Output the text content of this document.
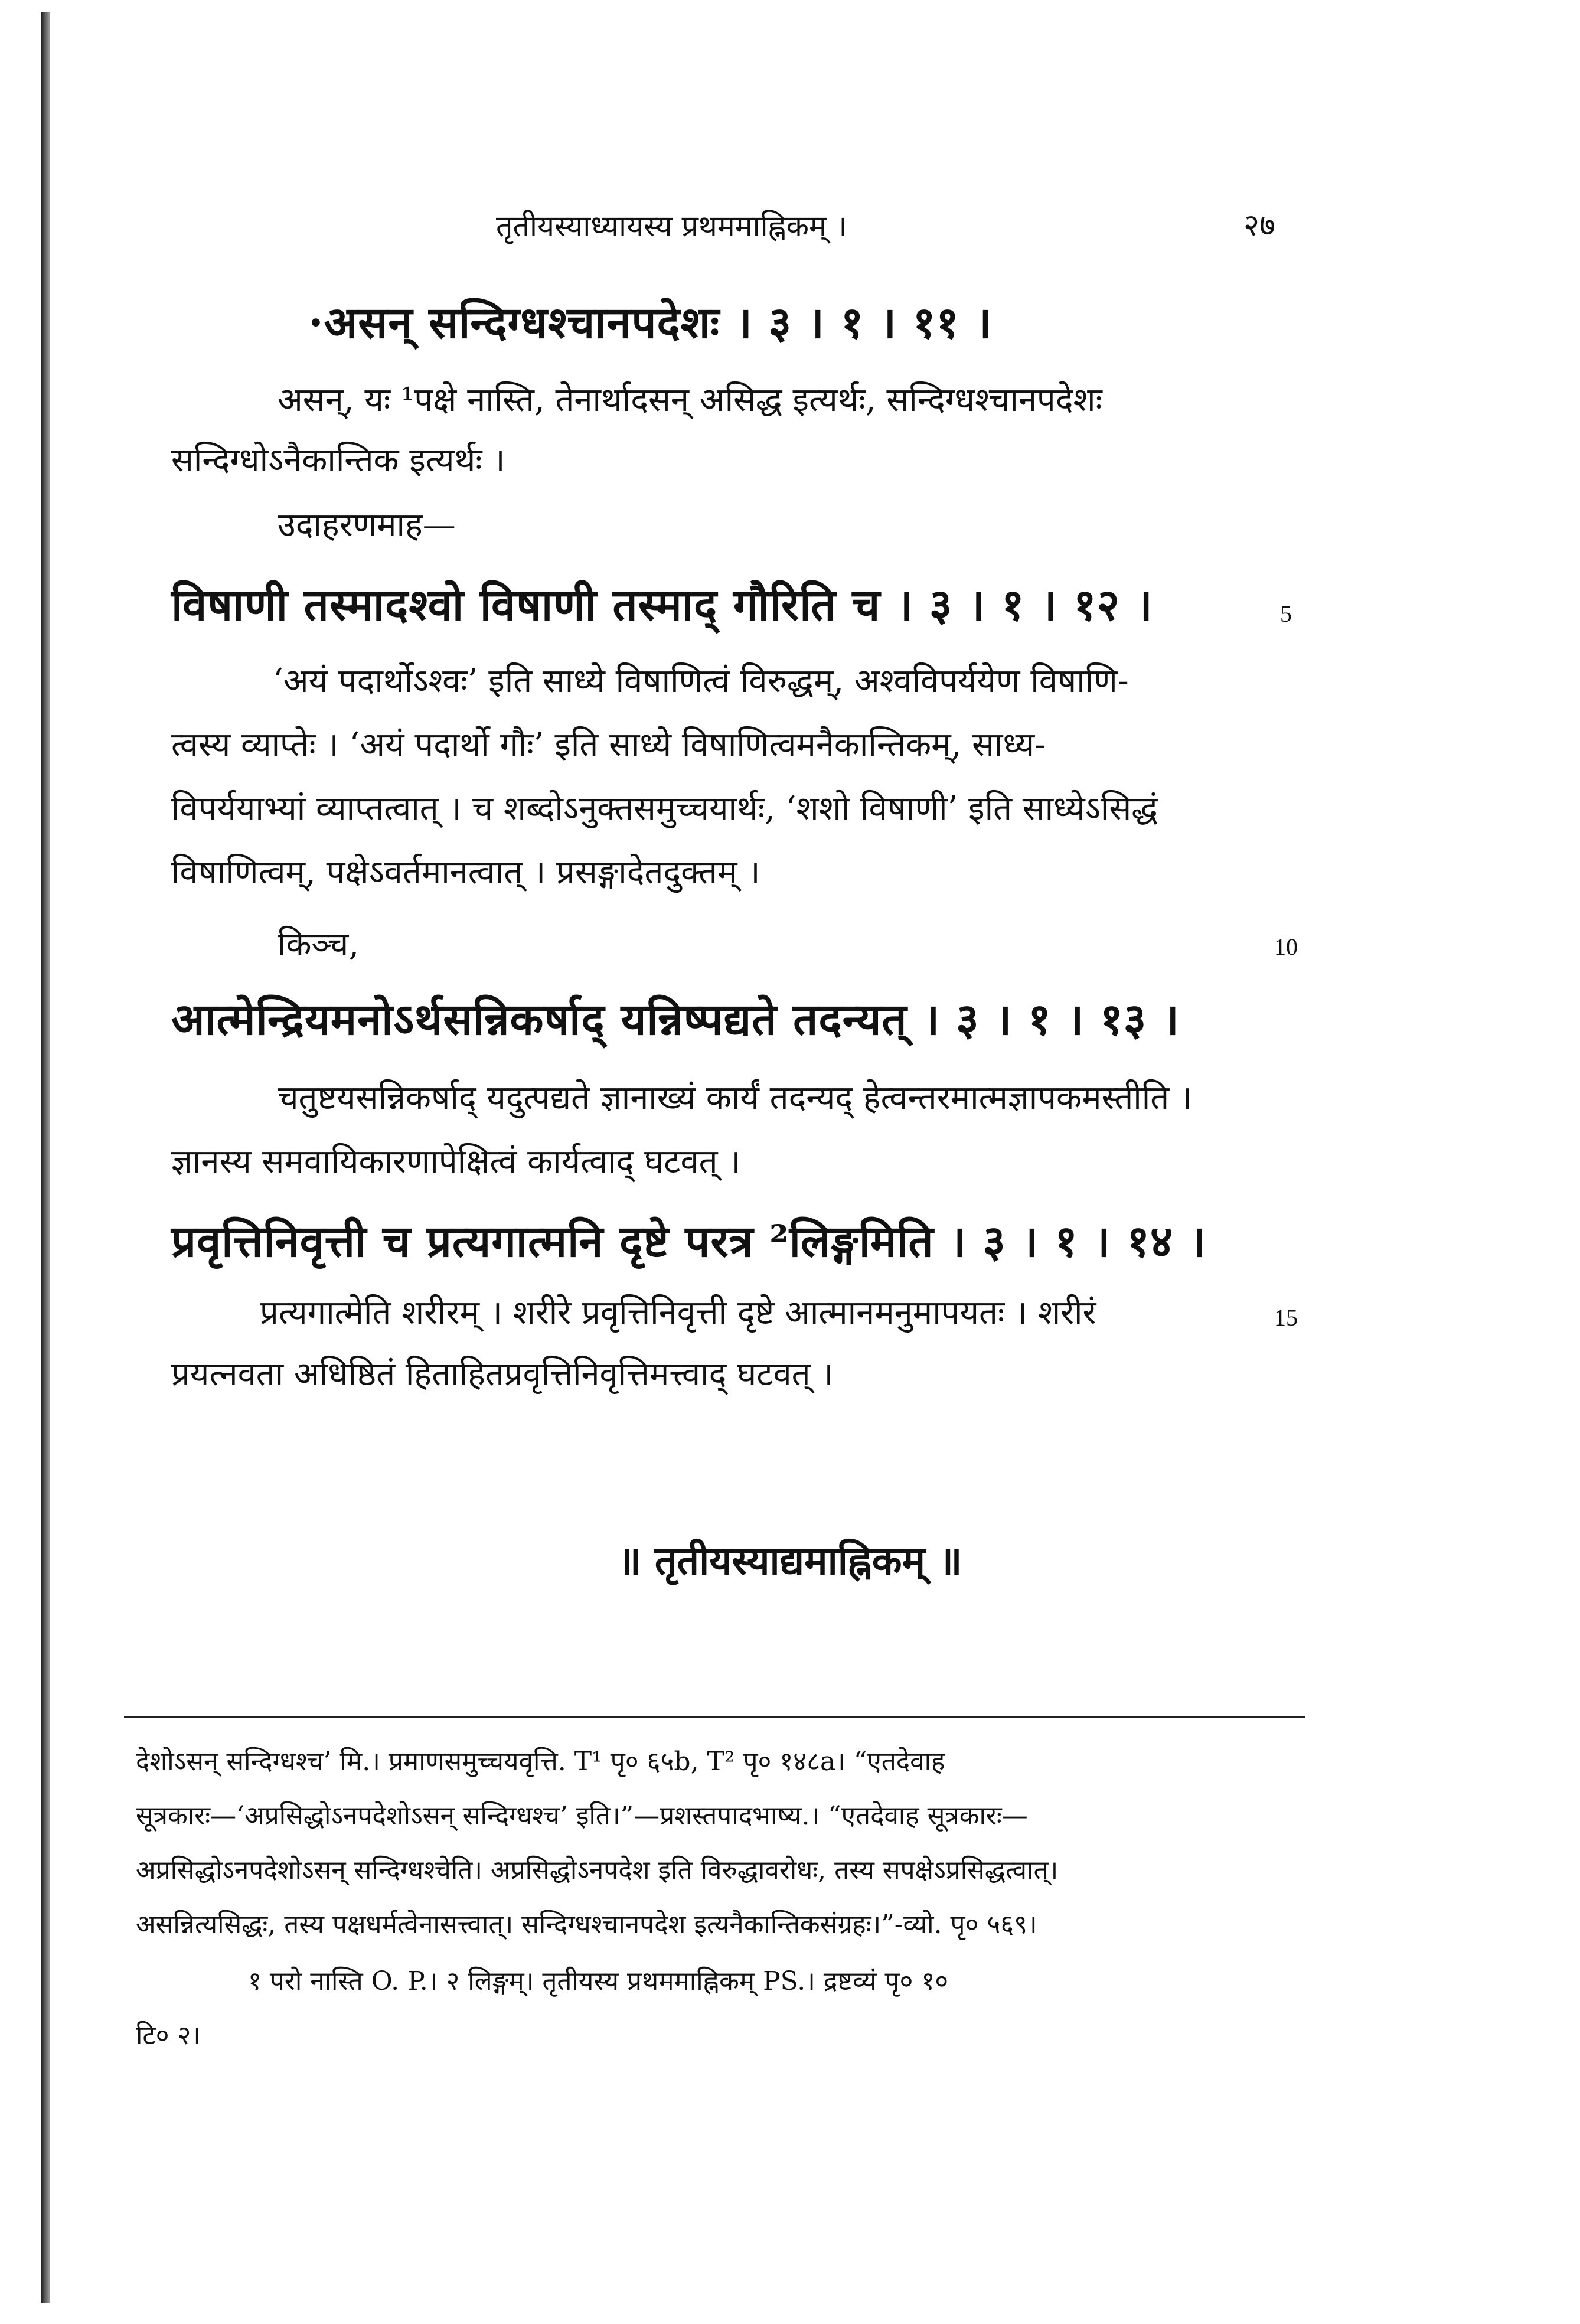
तृतीयस्याध्यायस्य प्रथममाह्निकम् ।	२७
·असन् सन्दिग्धश्चानपदेशः । ३ । १ । ११ ।
असन्, यः ¹पक्षे नास्ति, तेनार्थादसन् असिद्ध इत्यर्थः, सन्दिग्धश्चानपदेशः
सन्दिग्धोऽनैकान्तिक इत्यर्थः ।
उदाहरणमाह—
विषाणी तस्मादश्वो विषाणी तस्माद् गौरिति च । ३ । १ । १२ ।	5
‘अयं पदार्थोऽश्वः’ इति साध्ये विषाणित्वं विरुद्धम्, अश्वविपर्ययेण विषाणि-
त्वस्य व्याप्तेः । ‘अयं पदार्थो गौः’ इति साध्ये विषाणित्वमनैकान्तिकम्, साध्य-
विपर्ययाभ्यां व्याप्तत्वात् । च शब्दोऽनुक्तसमुच्चयार्थः, ‘शशो विषाणी’ इति साध्येऽसिद्धं
विषाणित्वम्, पक्षेऽवर्तमानत्वात् । प्रसङ्गादेतदुक्तम् ।
किञ्च,	10
आत्मेन्द्रियमनोऽर्थसन्निकर्षाद् यन्निष्पद्यते तदन्यत् । ३ । १ । १३ ।
चतुष्टयसन्निकर्षाद् यदुत्पद्यते ज्ञानाख्यं कार्यं तदन्यद् हेत्वन्तरमात्मज्ञापकमस्तीति ।
ज्ञानस्य समवायिकारणापेक्षित्वं कार्यत्वाद् घटवत् ।
प्रवृत्तिनिवृत्ती च प्रत्यगात्मनि दृष्टे परत्र ²लिङ्गमिति । ३ । १ । १४ ।
प्रत्यगात्मेति शरीरम् । शरीरे प्रवृत्तिनिवृत्ती दृष्टे आत्मानमनुमापयतः । शरीरं	15
प्रयत्नवता अधिष्ठितं हिताहितप्रवृत्तिनिवृत्तिमत्त्वाद् घटवत् ।
॥ तृतीयस्याद्यमाह्निकम् ॥
देशोऽसन् सन्दिग्धश्च’ मि.। प्रमाणसमुच्चयवृत्ति. T¹ पृ० ६५b, T² पृ० १४८a। “एतदेवाह
सूत्रकारः—‘अप्रसिद्धोऽनपदेशोऽसन् सन्दिग्धश्च’ इति।”—प्रशस्तपादभाष्य.। “एतदेवाह सूत्रकारः—
अप्रसिद्धोऽनपदेशोऽसन् सन्दिग्धश्चेति। अप्रसिद्धोऽनपदेश इति विरुद्धावरोधः, तस्य सपक्षेऽप्रसिद्धत्वात्।
असन्नित्यसिद्धः, तस्य पक्षधर्मत्वेनासत्त्वात्। सन्दिग्धश्चानपदेश इत्यनैकान्तिकसंग्रहः।”-व्यो. पृ० ५६९।
१ परो नास्ति O. P.। २ लिङ्गम्। तृतीयस्य प्रथममाह्निकम् PS.। द्रष्टव्यं पृ० १०
टि० २।
